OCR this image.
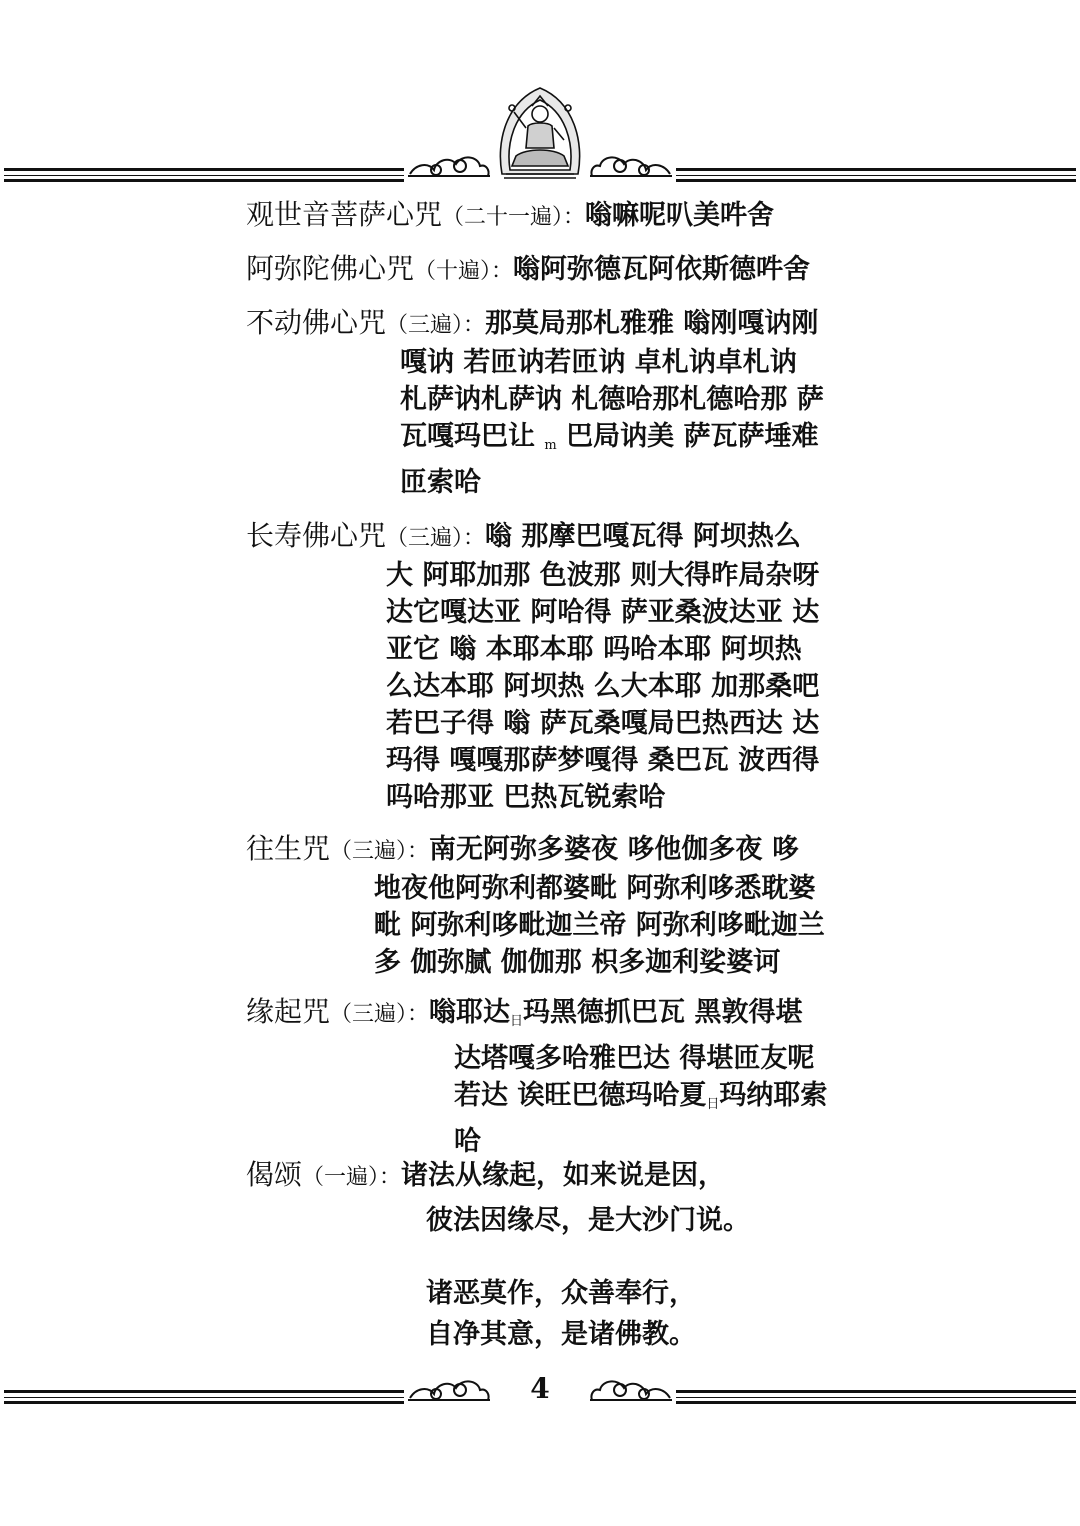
观世音菩萨心咒（二十一遍）：嗡嘛呢叭美吽舍
阿弥陀佛心咒（十遍）：嗡阿弥德瓦阿依斯德吽舍
不动佛心咒（三遍）：那莫局那札雅雅 嗡刚嘎讷刚
嘎讷 若匝讷若匝讷 卓札讷卓札讷
札萨讷札萨讷 札德哈那札德哈那 萨
瓦嘎玛巴让 $_m$ 巴局讷美 萨瓦萨埵难
匝索哈
长寿佛心咒（三遍）：嗡 那摩巴嘎瓦得 阿坝热么
大 阿耶加那 色波那 则大得昨局杂呀
达它嘎达亚 阿哈得 萨亚桑波达亚 达
亚它 嗡 本耶本耶 吗哈本耶 阿坝热
么达本耶 阿坝热 么大本耶 加那桑吧
若巴子得 嗡 萨瓦桑嘎局巴热西达 达
玛得 嘎嘎那萨梦嘎得 桑巴瓦 波西得
吗哈那亚 巴热瓦锐索哈
往生咒（三遍）：南无阿弥多婆夜 哆他伽多夜 哆
地夜他阿弥利都婆毗 阿弥利哆悉耽婆
毗 阿弥利哆毗迦兰帝 阿弥利哆毗迦兰
多 伽弥腻 伽伽那 枳多迦利娑婆诃
缘起咒（三遍）：嗡耶达$_日$玛黑德抓巴瓦 黑敦得堪
达塔嘎多哈雅巴达 得堪匝友呢
若达 诶旺巴德玛哈夏$_日$玛纳耶索
哈
偈颂（一遍）：诸法从缘起，如来说是因，
彼法因缘尽，是大沙门说。
诸恶莫作，众善奉行，
自净其意，是诸佛教。
4
